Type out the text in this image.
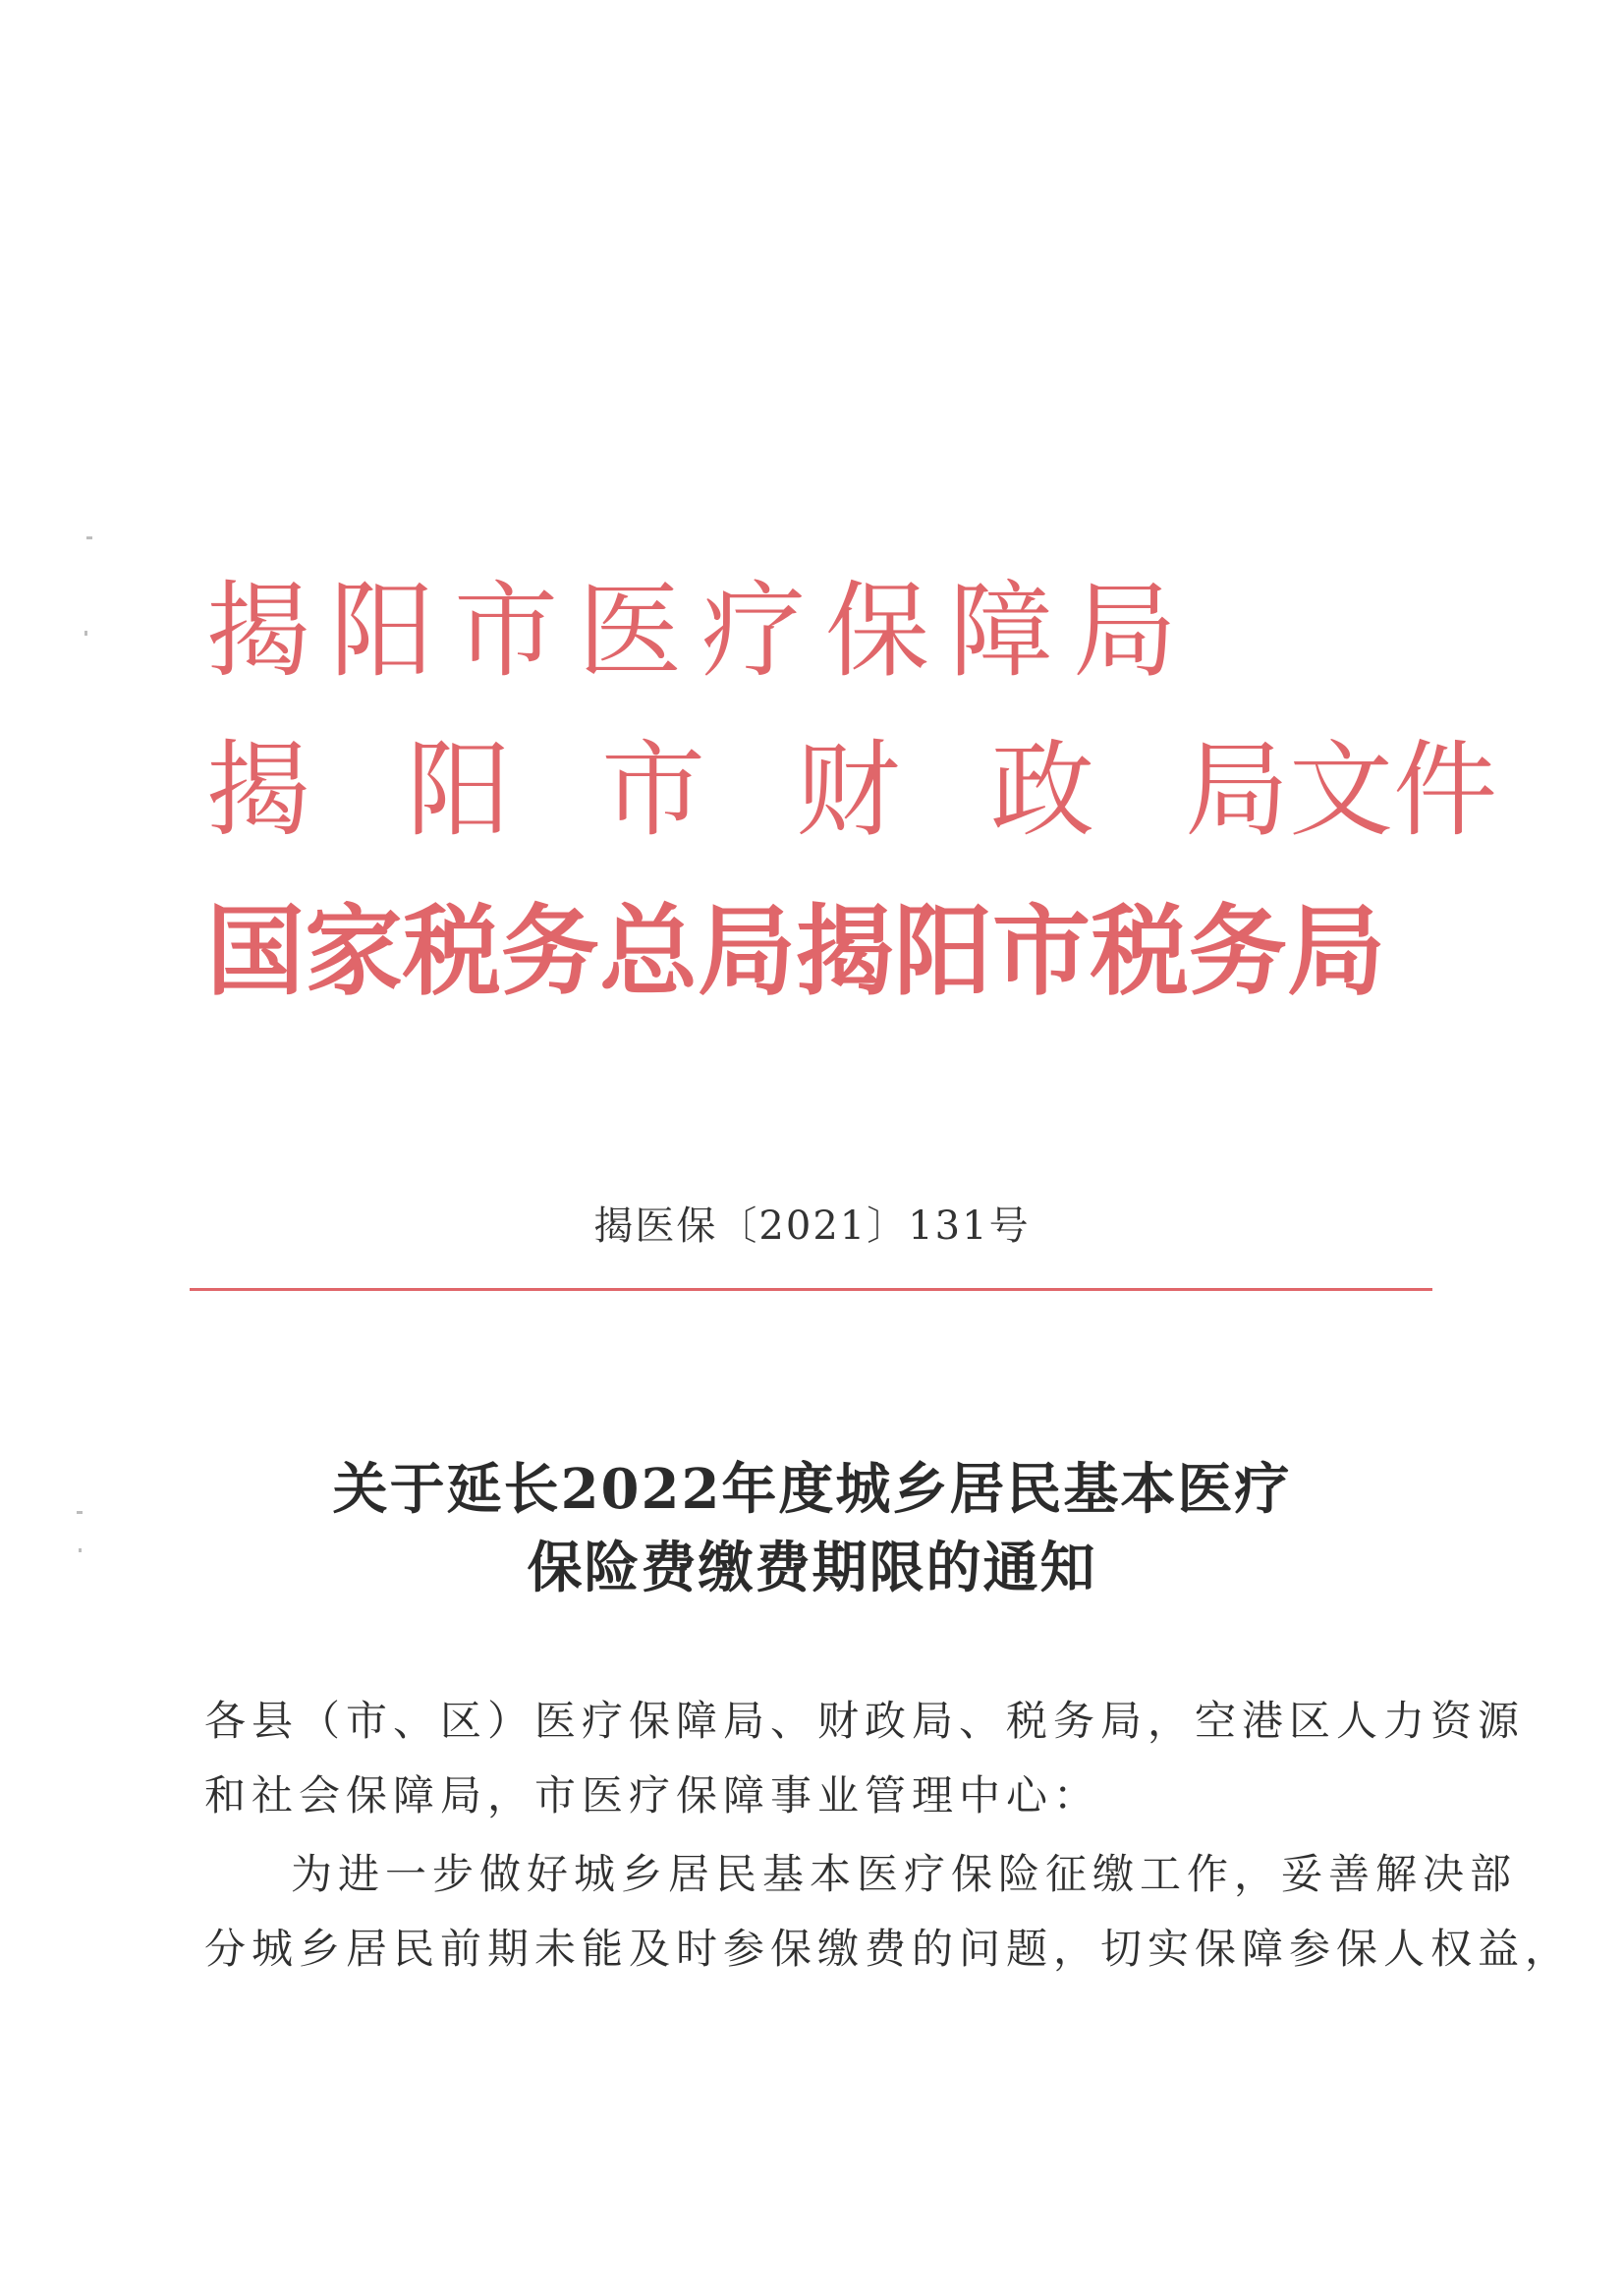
揭阳市医疗保障局
揭 阳 市 财 政 局文件
国家税务总局揭阳市税务局
揭医保〔2021〕131号
关于延长2022年度城乡居民基本医疗
保险费缴费期限的通知
各县（市、区）医疗保障局、财政局、税务局，空港区人力资源
和社会保障局，市医疗保障事业管理中心：
为进一步做好城乡居民基本医疗保险征缴工作，妥善解决部
分城乡居民前期未能及时参保缴费的问题，切实保障参保人权益，
